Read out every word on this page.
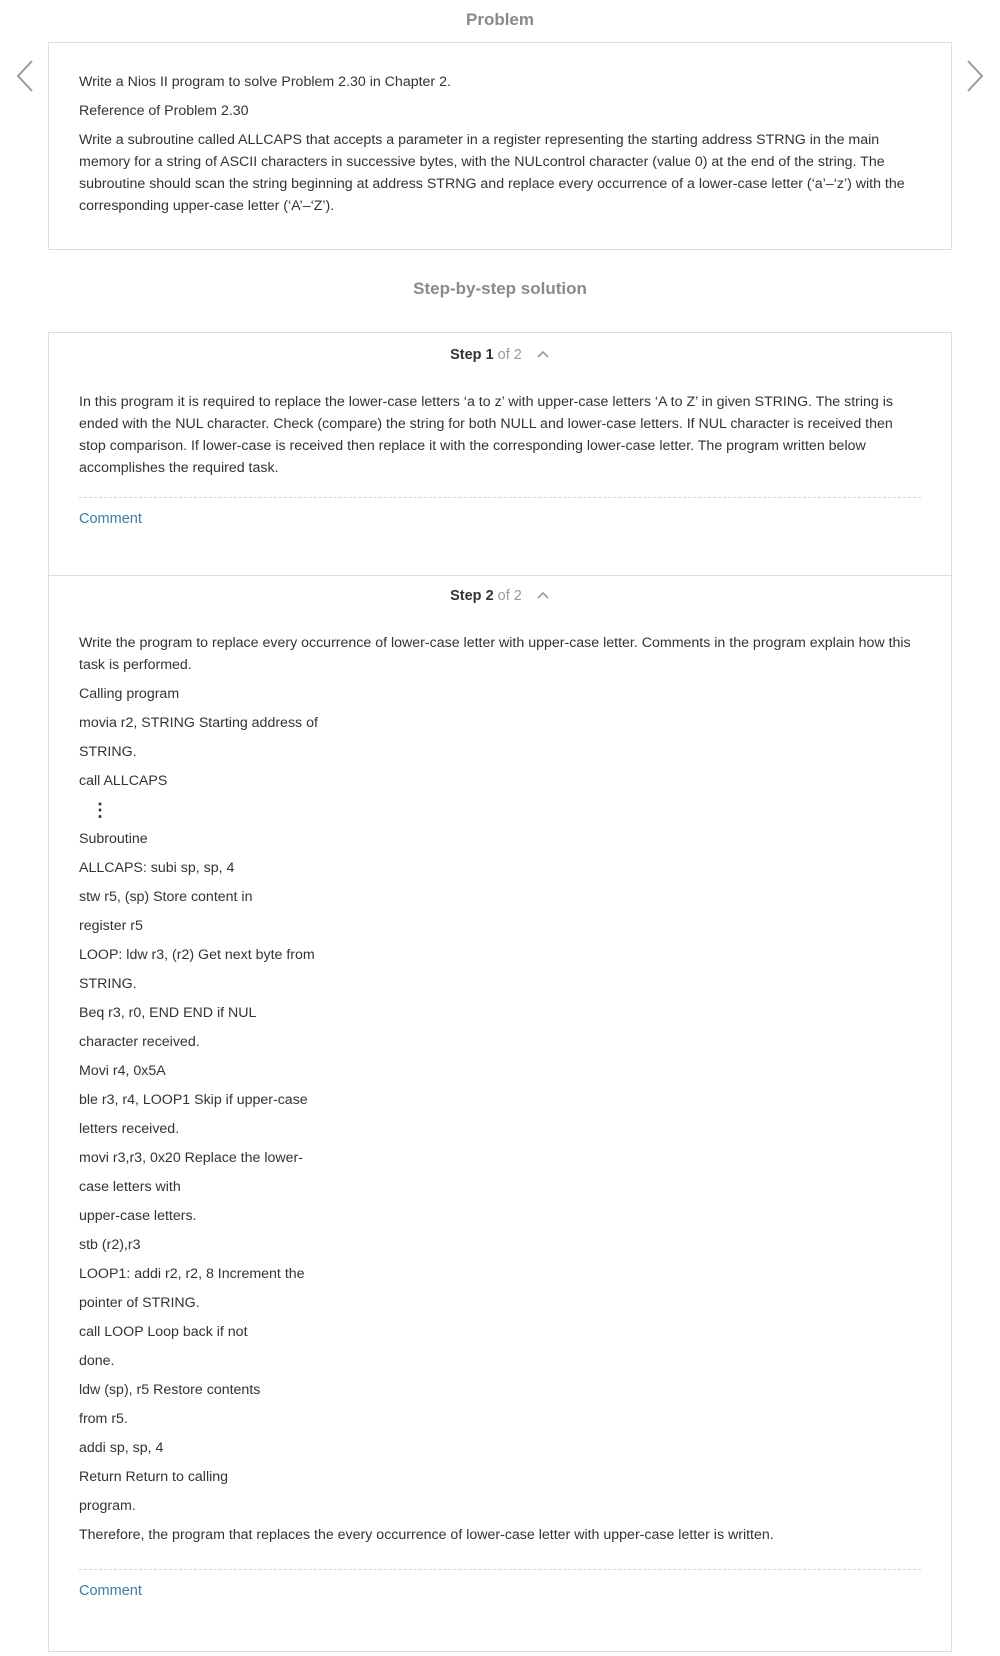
Problem

Write a Nios II program to solve Problem 2.30 in Chapter 2.

Reference of Problem 2.30

Write a subroutine called ALLCAPS that accepts a parameter in a register representing the starting address STRNG in the main memory for a string of ASCII characters in successive bytes, with the NULcontrol character (value 0) at the end of the string. The subroutine should scan the string beginning at address STRNG and replace every occurrence of a lower-case letter (‘a’–‘z’) with the corresponding upper-case letter (‘A’–‘Z’).

Step-by-step solution
Step 1 of 2

In this program it is required to replace the lower-case letters ‘a to z’ with upper-case letters ‘A to Z’ in given STRING. The string is ended with the NUL character. Check (compare) the string for both NULL and lower-case letters. If NUL character is received then stop comparison. If lower-case is received then replace it with the corresponding lower-case letter. The program written below accomplishes the required task.

Comment
Step 2 of 2

Write the program to replace every occurrence of lower-case letter with upper-case letter. Comments in the program explain how this task is performed.

Calling program
movia r2, STRING Starting address of
STRING.
call ALLCAPS
⋮
Subroutine
ALLCAPS: subi sp, sp, 4
stw r5, (sp) Store content in
register r5
LOOP: ldw r3, (r2) Get next byte from
STRING.
Beq r3, r0, END END if NUL
character received.
Movi r4, 0x5A
ble r3, r4, LOOP1 Skip if upper-case
letters received.
movi r3,r3, 0x20 Replace the lower-
case letters with
upper-case letters.
stb (r2),r3
LOOP1: addi r2, r2, 8 Increment the
pointer of STRING.
call LOOP Loop back if not
done.
ldw (sp), r5 Restore contents
from r5.
addi sp, sp, 4
Return Return to calling
program.

Therefore, the program that replaces the every occurrence of lower-case letter with upper-case letter is written.

Comment
